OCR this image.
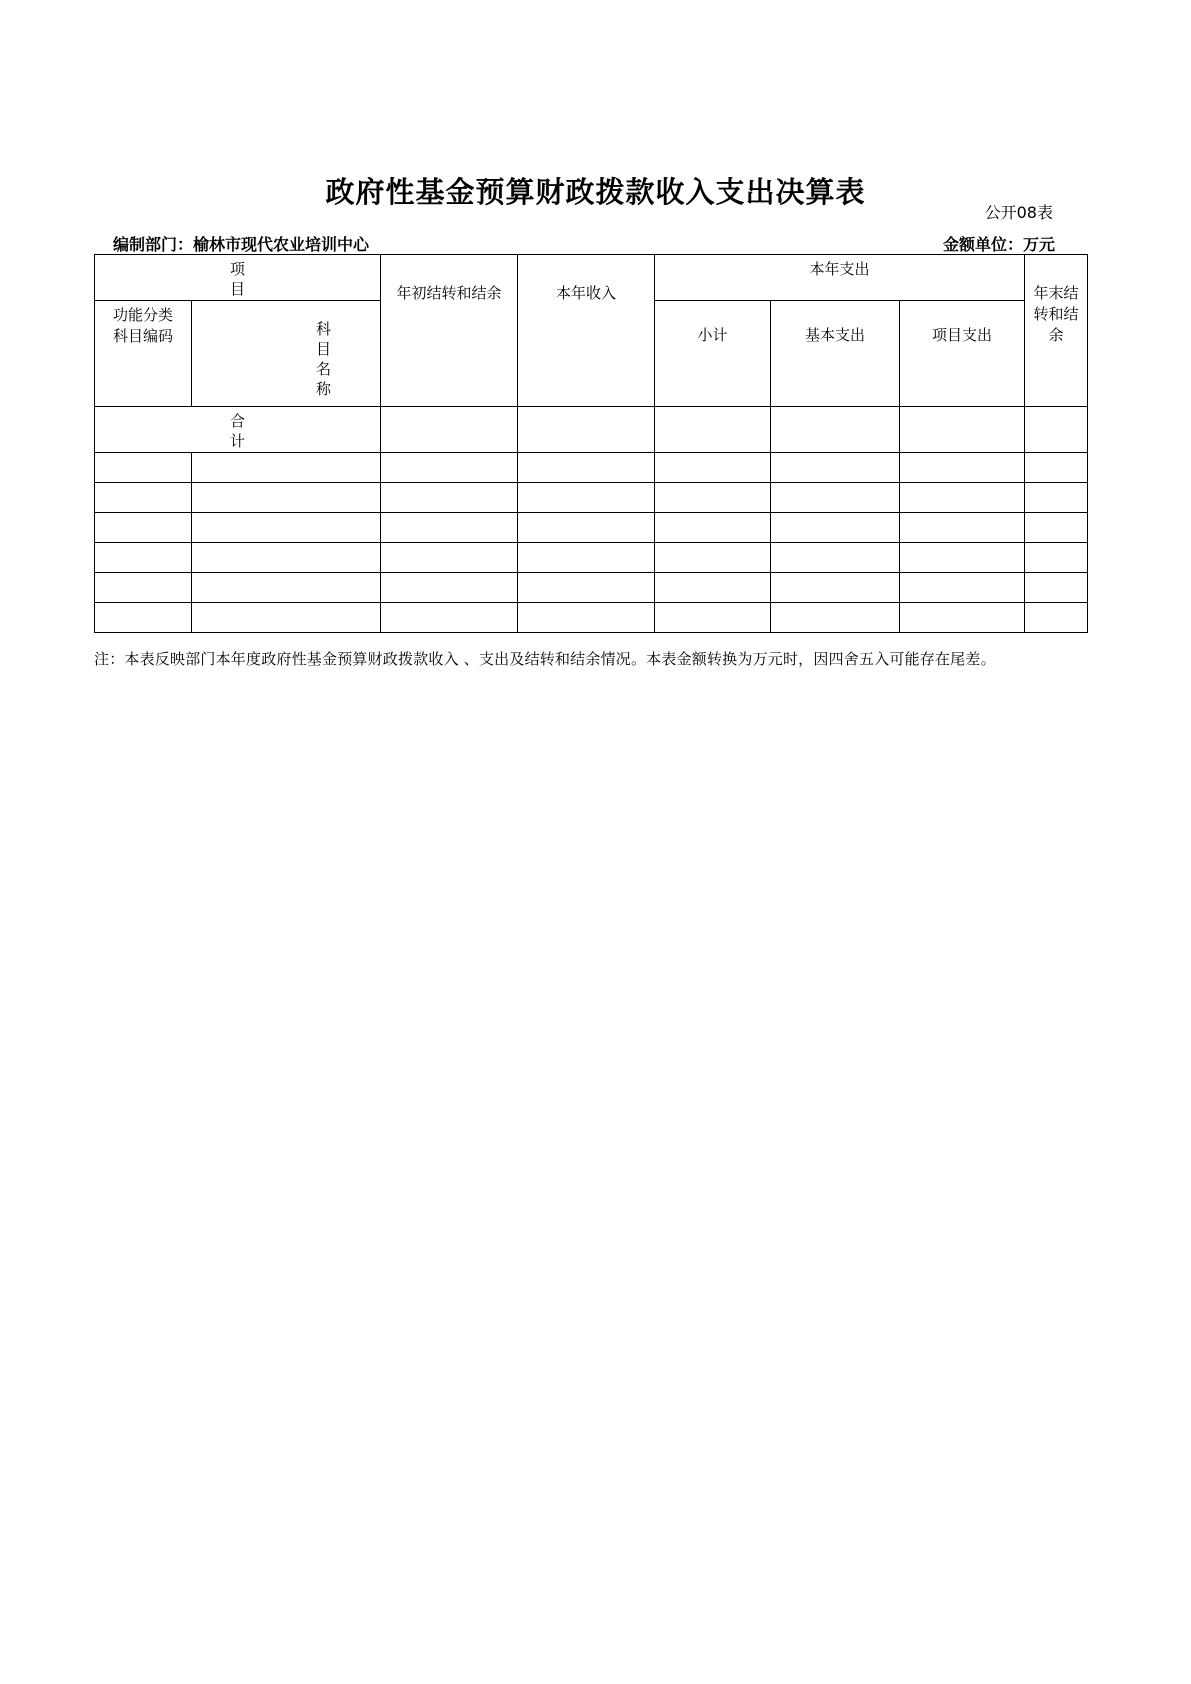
政府性基金预算财政拨款收入支出决算表
公开08表
编制部门：榆林市现代农业培训中心	金额单位：万元
项目		年初结转和结余	本年收入	本年支出			年末结转和结余
功能分类科目编码	科目名称			小计	基本支出	项目支出	
合计							

注：本表反映部门本年度政府性基金预算财政拨款收入 、支出及结转和结余情况。本表金额转换为万元时，因四舍五入可能存在尾差。
